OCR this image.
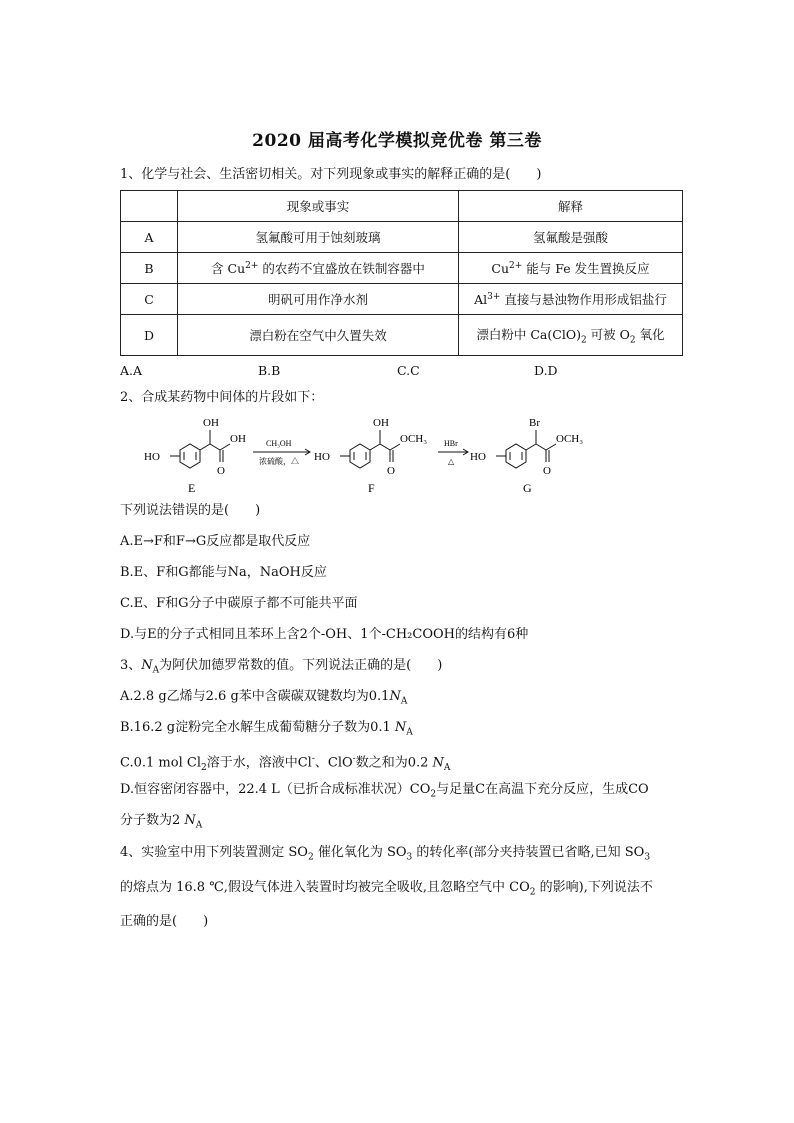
2020 届高考化学模拟竞优卷 第三卷
1、化学与社会、生活密切相关。对下列现象或事实的解释正确的是(　　)
	现象或事实	解释
A	氢氟酸可用于蚀刻玻璃	氢氟酸是强酸
B	含 $Cu^{2+}$ 的农药不宜盛放在铁制容器中	$Cu^{2+}$ 能与 Fe 发生置换反应
C	明矾可用作净水剂	$Al^{3+}$ 直接与悬浊物作用形成铝盐行
D	漂白粉在空气中久置失效	漂白粉中 $Ca(ClO)_2$ 可被 $O_2$ 氧化
A.A	B.B	C.C	D.D
2、合成某药物中间体的片段如下：
HO
OH
OH
O
E
CH₃OH
浓硫酸，△ HO
OH
OCH₃
O
F
HBr
△ HO
Br
OCH₃
O
G
下列说法错误的是(　　)
A.E→F和F→G反应都是取代反应
B.E、F和G都能与Na，NaOH反应
C.E、F和G分子中碳原子都不可能共平面
D.与E的分子式相同且苯环上含2个-OH、1个-CH₂COOH的结构有6种
3、$N_A$为阿伏加德罗常数的值。下列说法正确的是(　　)
A.2.8 g乙烯与2.6 g苯中含碳碳双键数均为$0.1N_A$
B.16.2 g淀粉完全水解生成葡萄糖分子数为0.1 $N_A$
C.0.1 mol $Cl_2$溶于水，溶液中Cl-、ClO-数之和为0.2 $N_A$
D.恒容密闭容器中，22.4 L（已折合成标准状况）$CO_2$与足量C在高温下充分反应，生成CO
分子数为2 $N_A$
4、实验室中用下列装置测定 $SO_2$ 催化氧化为 $SO_3$ 的转化率(部分夹持装置已省略,已知 $SO_3$
的熔点为 16.8 ℃,假设气体进入装置时均被完全吸收,且忽略空气中 $CO_2$ 的影响),下列说法不
正确的是(　　)
